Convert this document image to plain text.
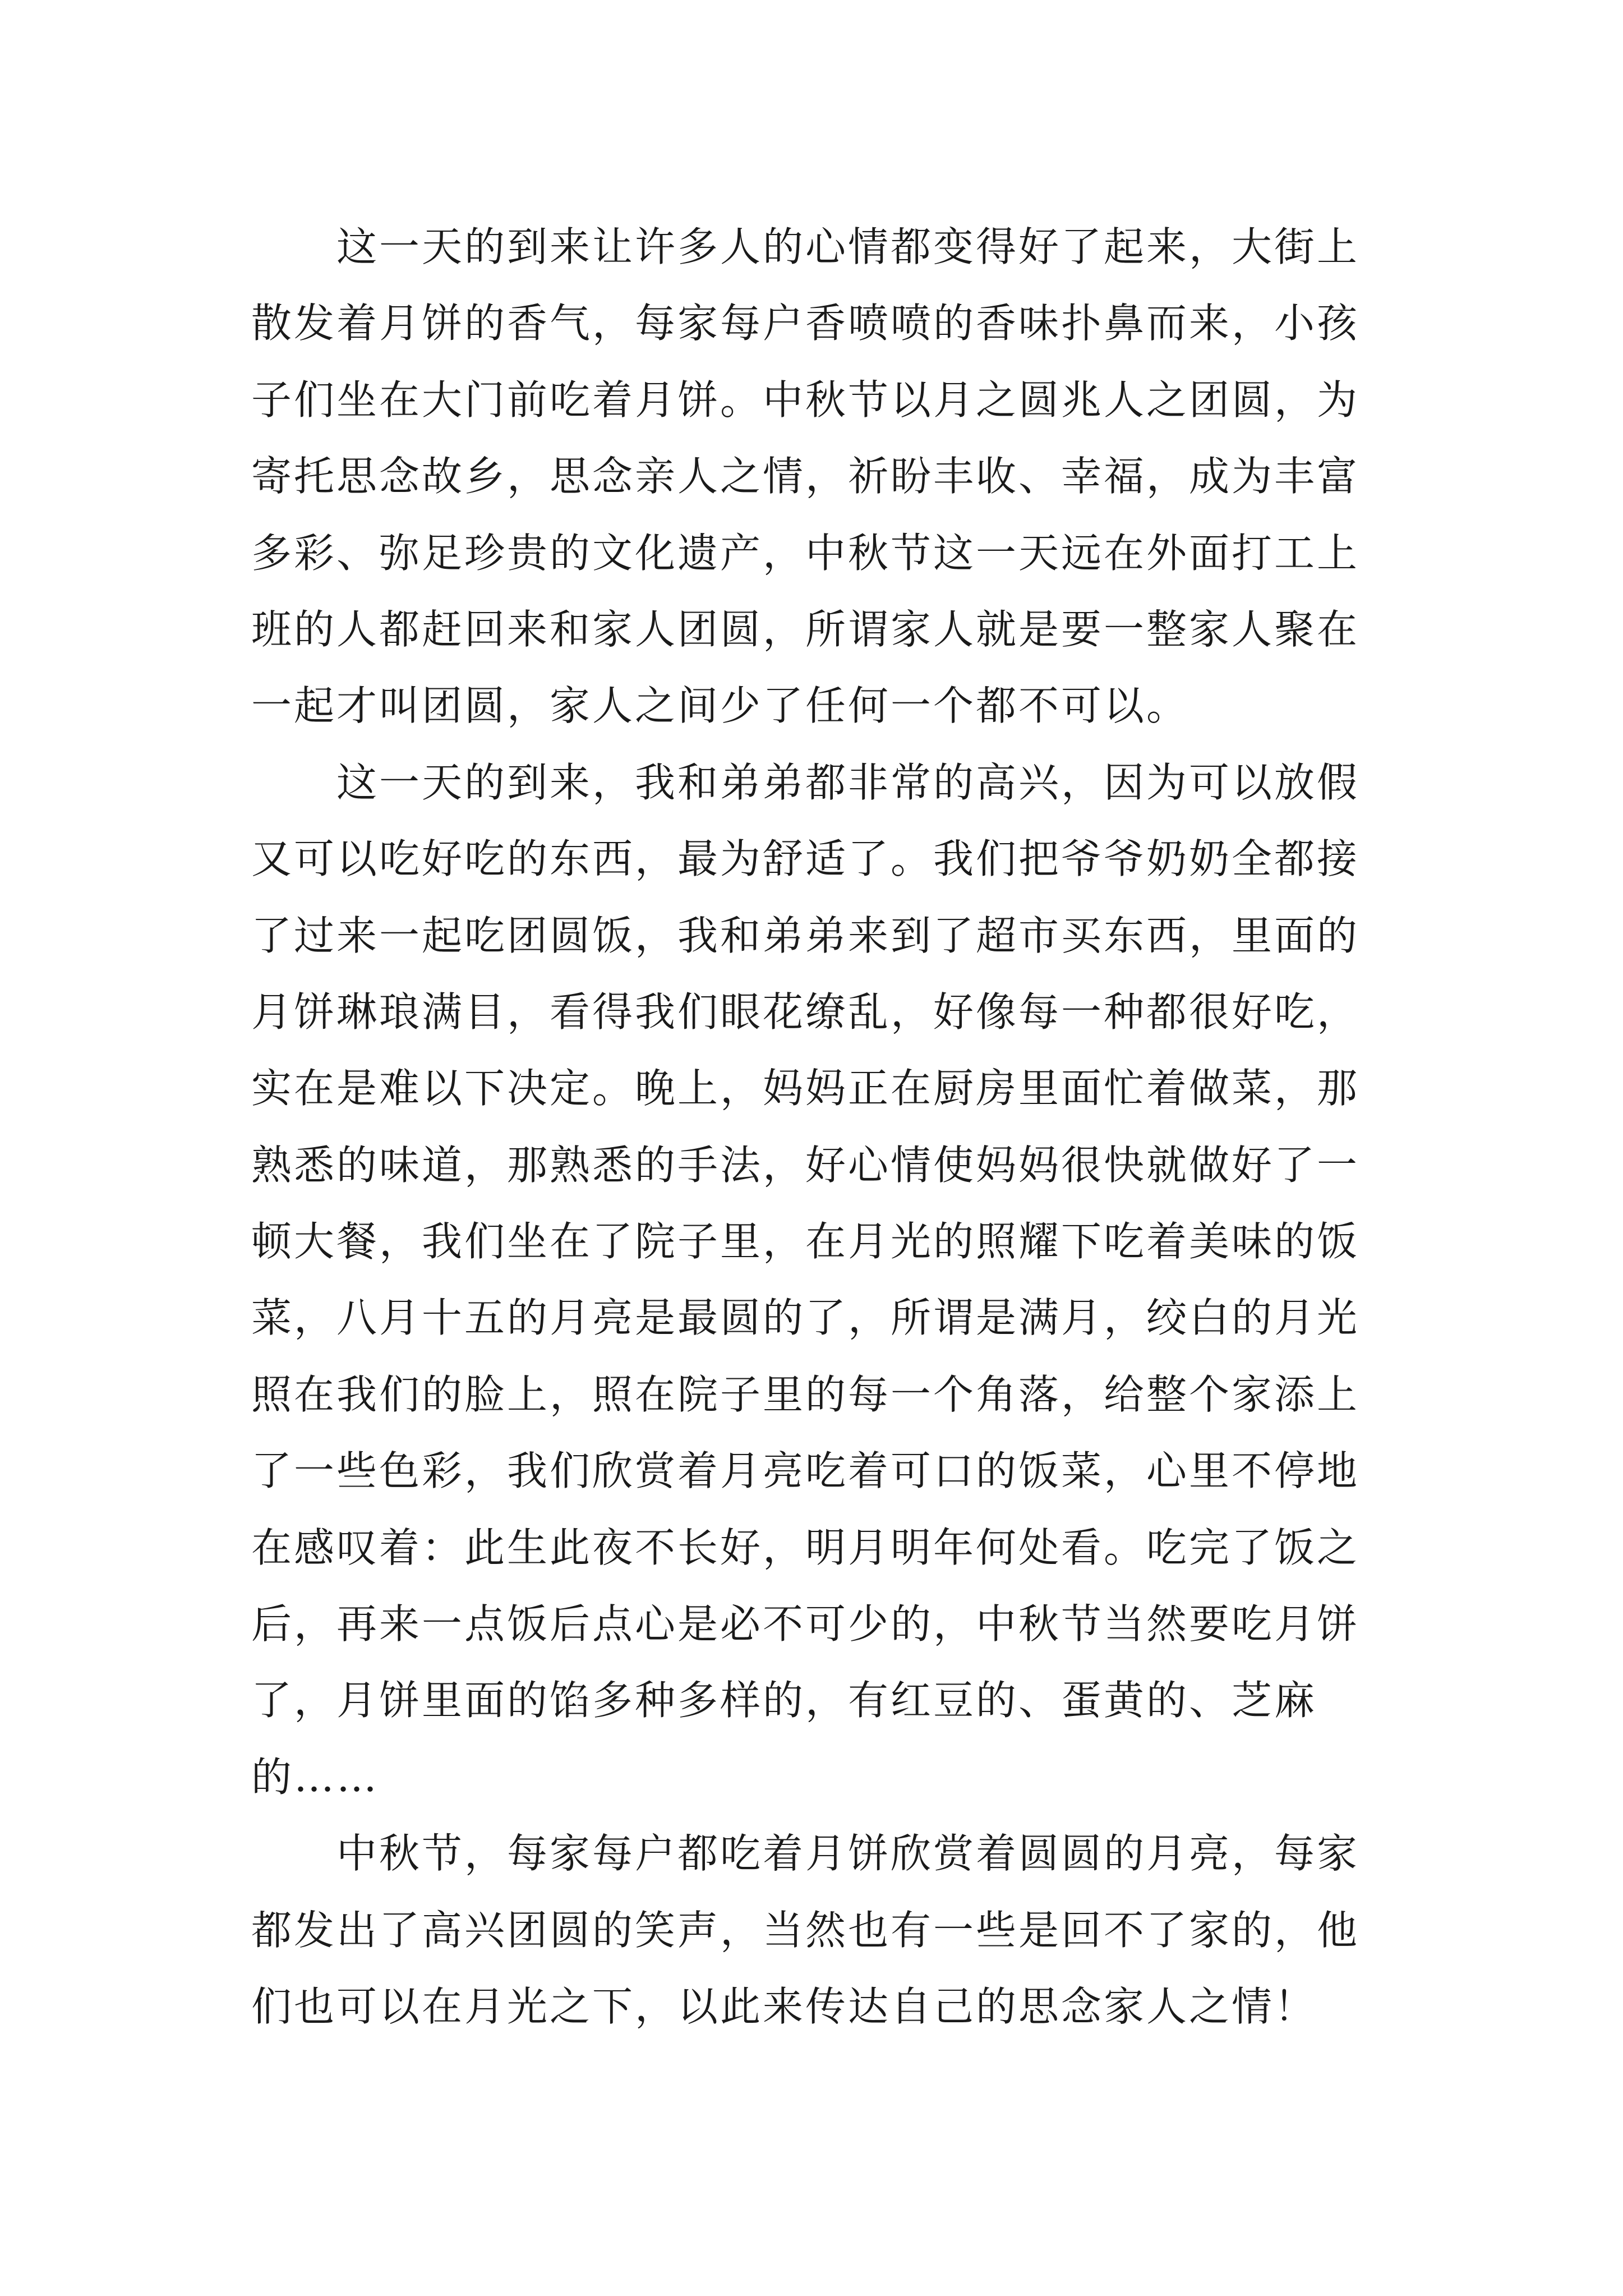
这一天的到来让许多人的心情都变得好了起来，大街上
散发着月饼的香气，每家每户香喷喷的香味扑鼻而来，小孩
子们坐在大门前吃着月饼。中秋节以月之圆兆人之团圆，为
寄托思念故乡，思念亲人之情，祈盼丰收、幸福，成为丰富
多彩、弥足珍贵的文化遗产，中秋节这一天远在外面打工上
班的人都赶回来和家人团圆，所谓家人就是要一整家人聚在
一起才叫团圆，家人之间少了任何一个都不可以。
这一天的到来，我和弟弟都非常的高兴，因为可以放假
又可以吃好吃的东西，最为舒适了。我们把爷爷奶奶全都接
了过来一起吃团圆饭，我和弟弟来到了超市买东西，里面的
月饼琳琅满目，看得我们眼花缭乱，好像每一种都很好吃，
实在是难以下决定。晚上，妈妈正在厨房里面忙着做菜，那
熟悉的味道，那熟悉的手法，好心情使妈妈很快就做好了一
顿大餐，我们坐在了院子里，在月光的照耀下吃着美味的饭
菜，八月十五的月亮是最圆的了，所谓是满月，绞白的月光
照在我们的脸上，照在院子里的每一个角落，给整个家添上
了一些色彩，我们欣赏着月亮吃着可口的饭菜，心里不停地
在感叹着：此生此夜不长好，明月明年何处看。吃完了饭之
后，再来一点饭后点心是必不可少的，中秋节当然要吃月饼
了，月饼里面的馅多种多样的，有红豆的、蛋黄的、芝麻
的……
中秋节，每家每户都吃着月饼欣赏着圆圆的月亮，每家
都发出了高兴团圆的笑声，当然也有一些是回不了家的，他
们也可以在月光之下，以此来传达自己的思念家人之情！
